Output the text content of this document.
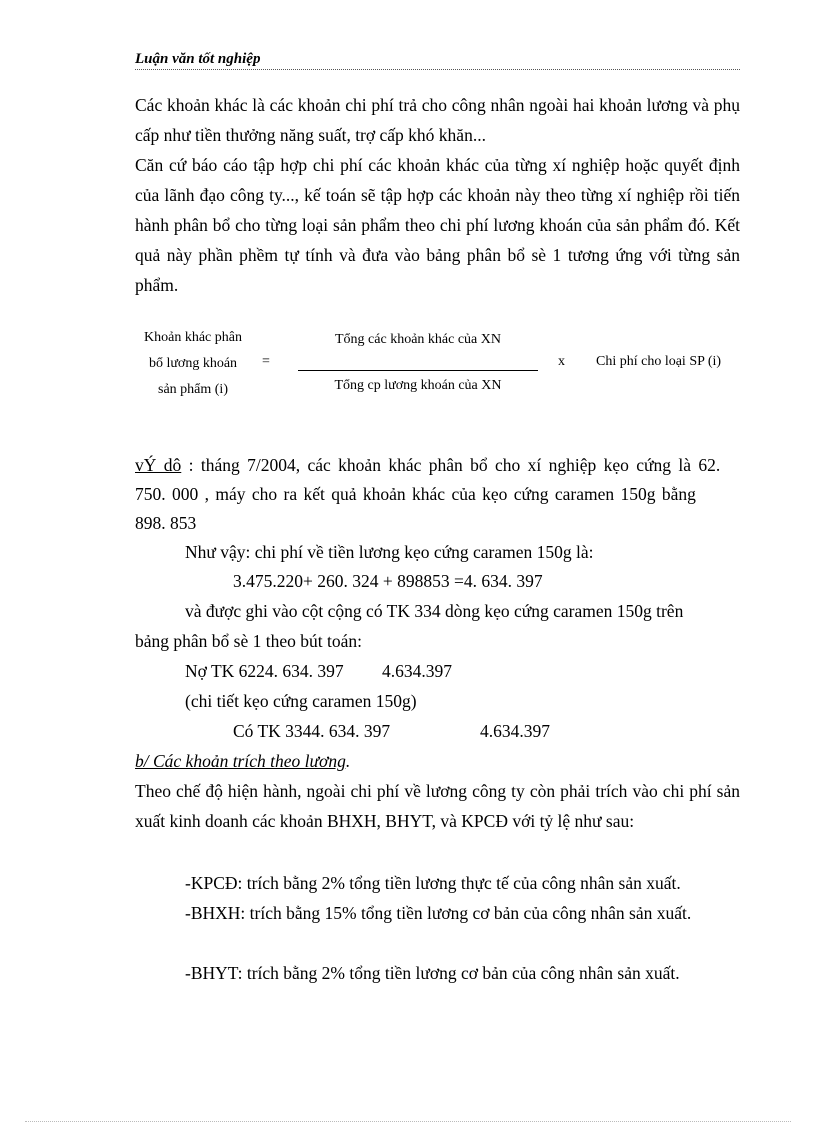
Luận văn tốt nghiệp

Các khoản khác là các khoản chi phí trả cho công nhân ngoài hai khoản lương và phụ cấp như tiền thưởng năng suất, trợ cấp khó khăn...

Căn cứ báo cáo tập hợp chi phí các khoản khác của từng xí nghiệp hoặc quyết định của lãnh đạo công ty..., kế toán sẽ tập hợp các khoản này theo từng xí nghiệp rồi tiến hành phân bổ cho từng loại sản phẩm theo chi phí lương khoán của sản phẩm đó. Kết quả này phần phềm tự tính và đưa vào bảng phân bổ sè 1 tương ứng với từng sản phẩm.

Khoản khác phân
bổ lương khoán
sản phẩm (i)
=
Tổng các khoản khác của XN
Tổng cp lương khoán của XN
x Chi phí cho loại SP (i)
vÝ dô : tháng 7/2004, các khoản khác phân bổ cho xí nghiệp kẹo cứng là 62.
750. 000 , máy cho ra kết quả khoản khác của kẹo cứng caramen 150g bằng
898. 853
Như vậy: chi phí về tiền lương kẹo cứng caramen 150g là:
3.475.220+ 260. 324 + 898853 =4. 634. 397
và được ghi vào cột cộng có TK 334 dòng kẹo cứng caramen 150g trên
bảng phân bổ sè 1 theo bút toán:
Nợ TK 6224. 634. 397 4.634.397
(chi tiết kẹo cứng caramen 150g)
Có TK 3344. 634. 397	4.634.397
b/ Các khoản trích theo lương.

Theo chế độ hiện hành, ngoài chi phí về lương công ty còn phải trích vào chi phí sản xuất kinh doanh các khoản BHXH, BHYT, và KPCĐ với tỷ lệ như sau:

-KPCĐ: trích bằng 2% tổng tiền lương thực tế của công nhân sản xuất.

-BHXH: trích bằng 15% tổng tiền lương cơ bản của công nhân sản xuất.

-BHYT: trích bằng 2% tổng tiền lương cơ bản của công nhân sản xuất.
